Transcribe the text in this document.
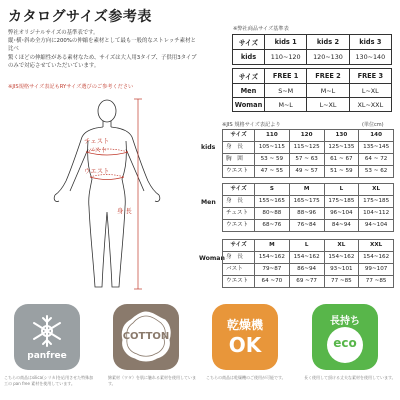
カタログサイズ参考表
弊社オリジナルサイズの基準表です。
縦･横･斜め全方向に200%の伸縮を素材として最も一般的なストレッチ素材と比べ
驚くほどの伸縮性がある素材なため、サイズは大人用3タイプ、子供用3タイプ
のみで対応させていただいています。
※JIS規格サイズ表記もRYサイズ選びのご参考ください
チェスト
バスト
ウエスト
身 長
※弊社商品サイズ基準表
サイズ	kids 1	kids 2	kids 3
kids	110~120	120~130	130~140
サイズ	FREE 1	FREE 2	FREE 3
Men	S~M	M~L	L~XL
Woman	M~L	L~XL	XL~XXL
※JIS 規格サイズ表記より	(単位cm)
kids
サイズ	110	120	130	140
身　長	105~115	115~125	125~135	135~145
胸　囲	53 ~ 59	57 ~ 63	61 ~ 67	64 ~ 72
ウエスト	47 ~ 55	49 ~ 57	51 ~ 59	53 ~ 62
Men
サイズ	S	M	L	XL
身　長	155~165	165~175	175~185	175~185
チェスト	80~88	88~96	96~104	104~112
ウエスト	68~76	76~84	84~94	94~104
Woman
サイズ	M	L	XL	XXL
身　長	154~162	154~162	154~162	154~162
バスト	79~87	86~94	93~101	99~107
ウエスト	64 ~70	69 ~77	77 ~85	77 ~85
panfree
こちらの商品はsilica(シリカ)を応用させた特殊加工の pan free 素材を使用しています。
COTTON
綿素材（ワタ）を肌に触れる素材を使用しています。
乾燥機
OK
こちらの商品は乾燥機のご使用が可能です。
長持ち
eco
長く使用して頂ける丈夫な素材を使用しています。
